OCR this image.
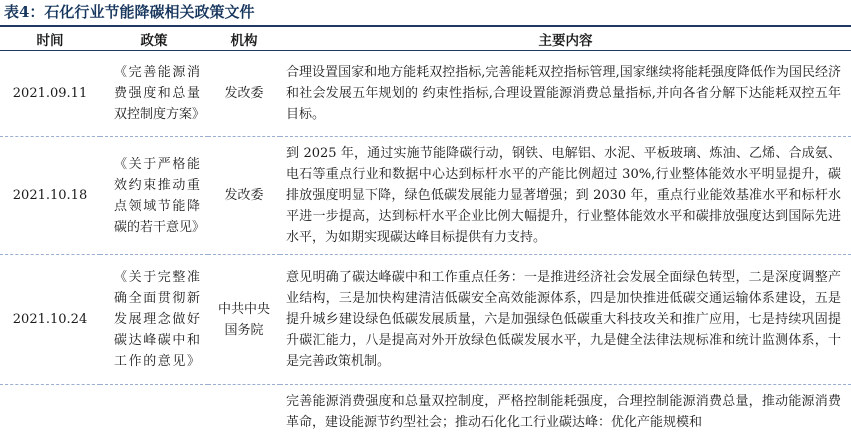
表4：石化行业节能降碳相关政策文件
时间	政策	机构	主要内容
2021.09.11	《完善能源消
费强度和总量
双控制度方案》	发改委	合理设置国家和地方能耗双控指标,完善能耗双控指标管理,国家继续将能耗强度降低作为国民经济和社会发展五年规划的 约束性指标,合理设置能源消费总量指标,并向各省分解下达能耗双控五年目标。
2021.10.18	《关于严格能
效约束推动重
点领域节能降
碳的若干意见》	发改委	到 2025 年，通过实施节能降碳行动，钢铁、电解铝、水泥、平板玻璃、炼油、乙烯、合成氨、电石等重点行业和数据中心达到标杆水平的产能比例超过 30%,行业整体能效水平明显提升，碳排放强度明显下降，绿色低碳发展能力显著增强；到 2030 年，重点行业能效基准水平和标杆水平进一步提高，达到标杆水平企业比例大幅提升，行业整体能效水平和碳排放强度达到国际先进水平，为如期实现碳达峰目标提供有力支持。
2021.10.24	《关于完整准
确全面贯彻新
发展理念做好
碳达峰碳中和
工作的意见》	中共中央国务院	意见明确了碳达峰碳中和工作重点任务：一是推进经济社会发展全面绿色转型，二是深度调整产业结构，三是加快构建清洁低碳安全高效能源体系，四是加快推进低碳交通运输体系建设，五是提升城乡建设绿色低碳发展质量，六是加强绿色低碳重大科技攻关和推广应用，七是持续巩固提升碳汇能力，八是提高对外开放绿色低碳发展水平，九是健全法律法规标准和统计监测体系，十是完善政策机制。
			完善能源消费强度和总量双控制度，严格控制能耗强度，合理控制能源消费总量，推动能源消费革命，建设能源节约型社会；推动石化化工行业碳达峰：优化产能规模和
